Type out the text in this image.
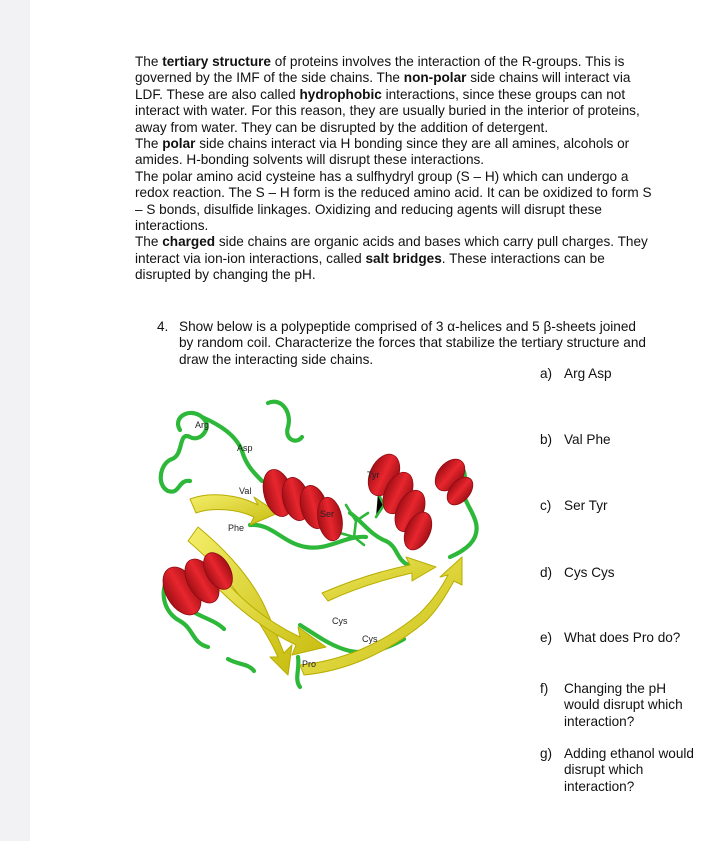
The tertiary structure of proteins involves the interaction of the R-groups. This is governed by the IMF of the side chains. The non-polar side chains will interact via LDF. These are also called hydrophobic interactions, since these groups can not interact with water. For this reason, they are usually buried in the interior of proteins, away from water. They can be disrupted by the addition of detergent.

The polar side chains interact via H bonding since they are all amines, alcohols or amides. H-bonding solvents will disrupt these interactions.

The polar amino acid cysteine has a sulfhydryl group (S – H) which can undergo a redox reaction. The S – H form is the reduced amino acid. It can be oxidized to form S – S bonds, disulfide linkages. Oxidizing and reducing agents will disrupt these interactions.

The charged side chains are organic acids and bases which carry pull charges. They interact via ion-ion interactions, called salt bridges. These interactions can be disrupted by changing the pH.

4. Show below is a polypeptide comprised of 3 α-helices and 5 β-sheets joined by random coil. Characterize the forces that stabilize the tertiary structure and draw the interacting side chains.
a) Arg Asp
b) Val Phe
c) Ser Tyr
d) Cys Cys
e) What does Pro do?
f) Changing the pH would disrupt which interaction?
g) Adding ethanol would disrupt which interaction?
Arg
Asp
Val
Phe
Ser
Tyr
Cys
Cys
Pro
